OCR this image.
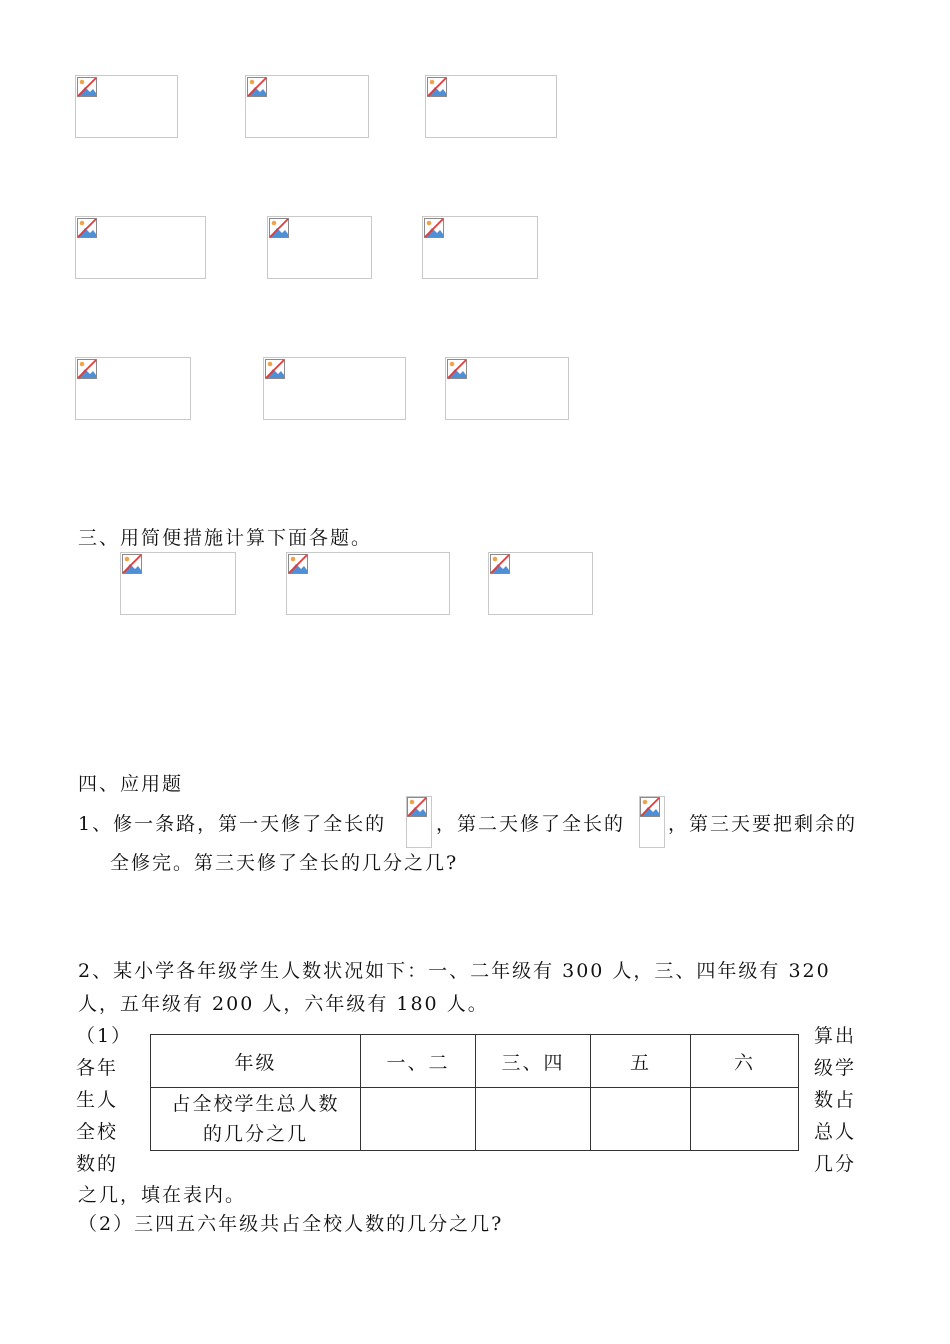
三、用简便措施计算下面各题。
四、应用题
1、修一条路，第一天修了全长的	，第二天修了全长的 ，第三天要把剩余的
全修完。第三天修了全长的几分之几?
2、某小学各年级学生人数状况如下：一、二年级有 300 人，三、四年级有 320
人，五年级有 200 人，六年级有 180 人。
（1）
各年
生人
全校
数的
算出
级学
数占
总人
几分
年级	一、二	三、四	五	六

占全校学生总人数
的几分之几				

之几，填在表内。
（2）三四五六年级共占全校人数的几分之几?
